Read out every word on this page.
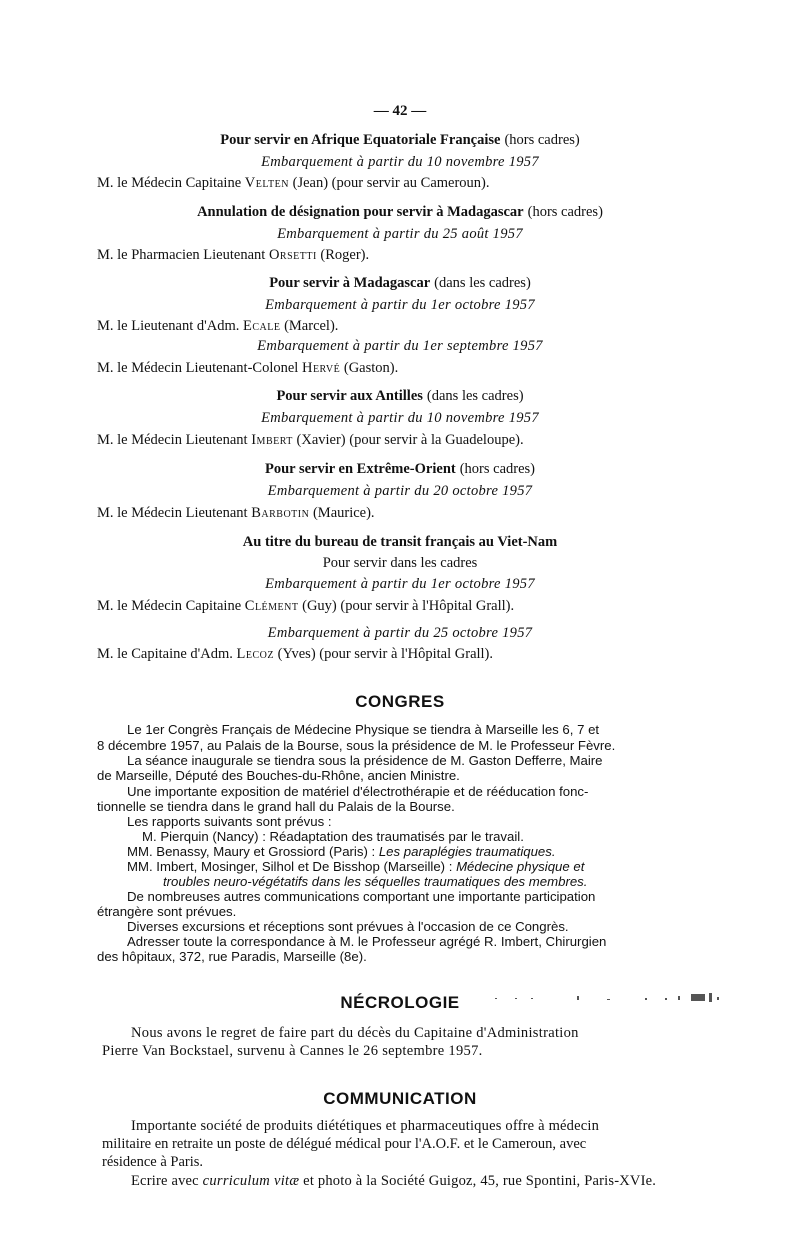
— 42 —
Pour servir en Afrique Equatoriale Française (hors cadres)
Embarquement à partir du 10 novembre 1957
M. le Médecin Capitaine Velten (Jean) (pour servir au Cameroun).
Annulation de désignation pour servir à Madagascar (hors cadres)
Embarquement à partir du 25 août 1957
M. le Pharmacien Lieutenant Orsetti (Roger).
Pour servir à Madagascar (dans les cadres)
Embarquement à partir du 1er octobre 1957
M. le Lieutenant d'Adm. Ecale (Marcel).
Embarquement à partir du 1er septembre 1957
M. le Médecin Lieutenant-Colonel Hervé (Gaston).
Pour servir aux Antilles (dans les cadres)
Embarquement à partir du 10 novembre 1957
M. le Médecin Lieutenant Imbert (Xavier) (pour servir à la Guadeloupe).
Pour servir en Extrême-Orient (hors cadres)
Embarquement à partir du 20 octobre 1957
M. le Médecin Lieutenant Barbotin (Maurice).
Au titre du bureau de transit français au Viet-Nam
Pour servir dans les cadres
Embarquement à partir du 1er octobre 1957
M. le Médecin Capitaine Clément (Guy) (pour servir à l'Hôpital Grall).
Embarquement à partir du 25 octobre 1957
M. le Capitaine d'Adm. Lecoz (Yves) (pour servir à l'Hôpital Grall).
CONGRES
Le 1er Congrès Français de Médecine Physique se tiendra à Marseille les 6, 7 et
8 décembre 1957, au Palais de la Bourse, sous la présidence de M. le Professeur Fèvre.
La séance inaugurale se tiendra sous la présidence de M. Gaston Defferre, Maire
de Marseille, Député des Bouches-du-Rhône, ancien Ministre.
Une importante exposition de matériel d'électrothérapie et de rééducation fonc-
tionnelle se tiendra dans le grand hall du Palais de la Bourse.
Les rapports suivants sont prévus :
M. Pierquin (Nancy) : Réadaptation des traumatisés par le travail.
MM. Benassy, Maury et Grossiord (Paris) : Les paraplégies traumatiques.
MM. Imbert, Mosinger, Silhol et De Bisshop (Marseille) : Médecine physique et
troubles neuro-végétatifs dans les séquelles traumatiques des membres.
De nombreuses autres communications comportant une importante participation
étrangère sont prévues.
Diverses excursions et réceptions sont prévues à l'occasion de ce Congrès.
Adresser toute la correspondance à M. le Professeur agrégé R. Imbert, Chirurgien
des hôpitaux, 372, rue Paradis, Marseille (8e).
NÉCROLOGIE
Nous avons le regret de faire part du décès du Capitaine d'Administration
Pierre Van Bockstael, survenu à Cannes le 26 septembre 1957.
COMMUNICATION
Importante société de produits diététiques et pharmaceutiques offre à médecin
militaire en retraite un poste de délégué médical pour l'A.O.F. et le Cameroun, avec
résidence à Paris.
Ecrire avec curriculum vitæ et photo à la Société Guigoz, 45, rue Spontini, Paris-XVIe.
